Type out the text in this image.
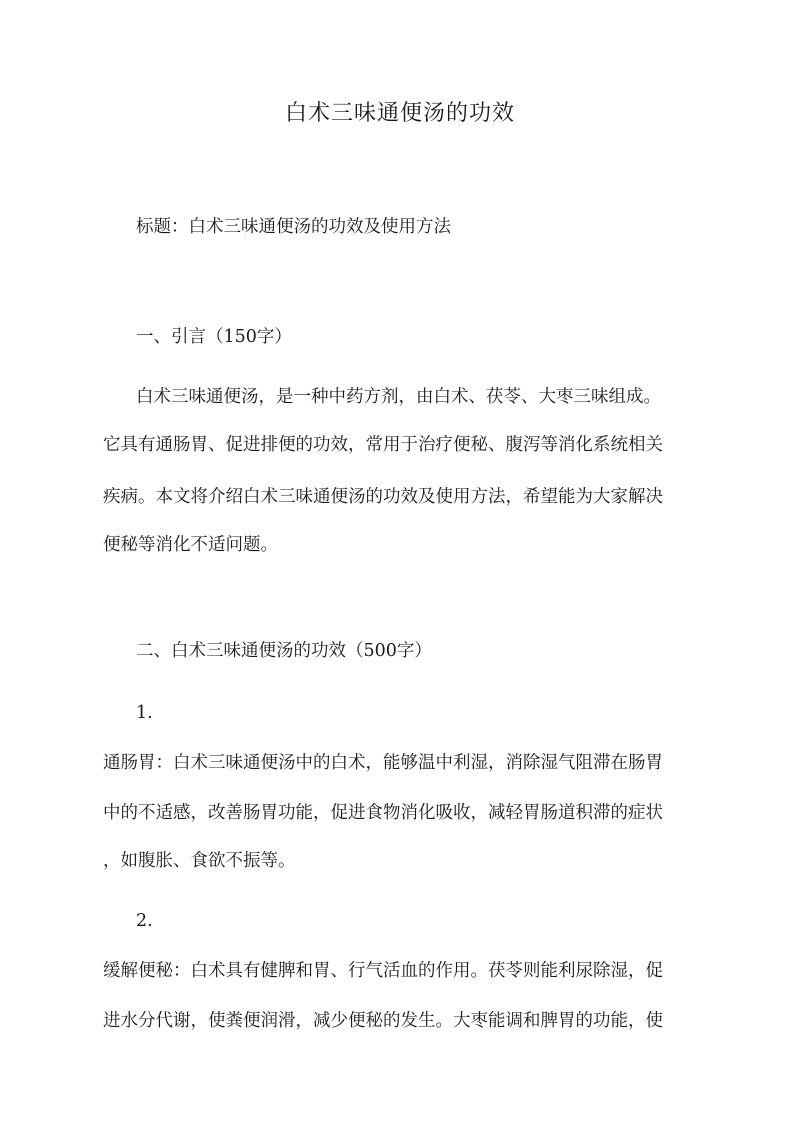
白术三味通便汤的功效

标题：白术三味通便汤的功效及使用方法

一、引言（150字）

白术三味通便汤，是一种中药方剂，由白术、茯苓、大枣三味组成。

它具有通肠胃、促进排便的功效，常用于治疗便秘、腹泻等消化系统相关

疾病。本文将介绍白术三味通便汤的功效及使用方法，希望能为大家解决

便秘等消化不适问题。

二、白术三味通便汤的功效（500字）

1.

通肠胃：白术三味通便汤中的白术，能够温中利湿，消除湿气阻滞在肠胃

中的不适感，改善肠胃功能，促进食物消化吸收，减轻胃肠道积滞的症状

，如腹胀、食欲不振等。

2.

缓解便秘：白术具有健脾和胃、行气活血的作用。茯苓则能利尿除湿，促

进水分代谢，使粪便润滑，减少便秘的发生。大枣能调和脾胃的功能，使
